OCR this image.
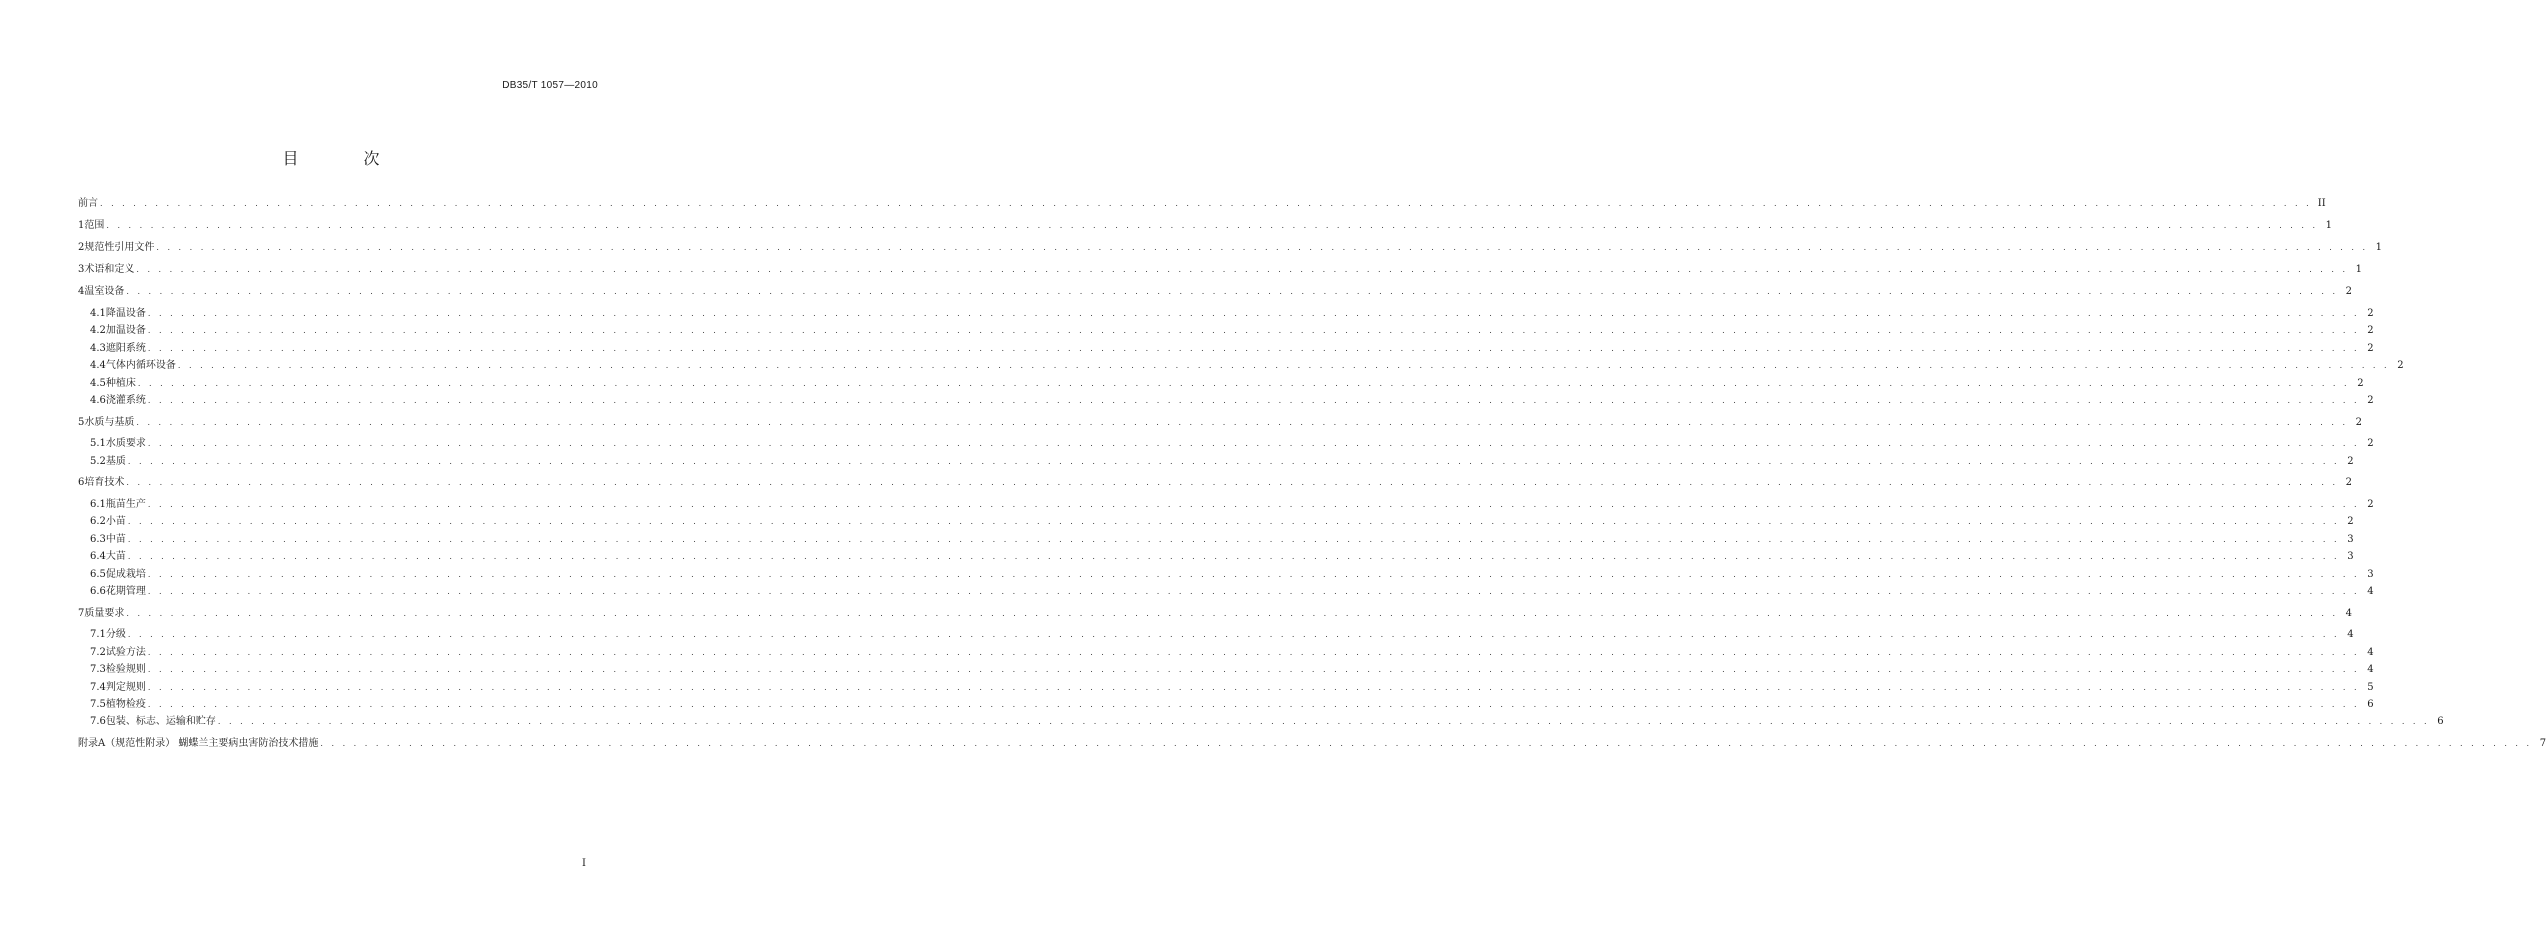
DB35/T 1057—2010
目 次
前言 . . . . . . . . . . . . . . . . . . . . . . . . . . . . . . . . . . . . . . . . . . . . . . . . . . . . . . . . . . . . . . . . . . . . . . . . . . . . . . . . . . . . . . . . . . . . . . . . . . . . . . . . . . . . . . . . . . . . . . . . . . . . . . . . . . . . . . . . . . . . . . . . . . . . . . . . . . . . . . . . . . . . . . . . . . . . . . . . . . . . . . . . . . . . . . . . . . . . . . . . II
1 范围 . . . . . . . . . . . . . . . . . . . . . . . . . . . . . . . . . . . . . . . . . . . . . . . . . . . . . . . . . . . . . . . . . . . . . . . . . . . . . . . . . . . . . . . . . . . . . . . . . . . . . . . . . . . . . . . . . . . . . . . . . . . . . . . . . . . . . . . . . . . . . . . . . . . . . . . . . . . . . . . . . . . . . . . . . . . . . . . . . . . . . . . . . . . . . . . . . . . . . . . . 1
2 规范性引用文件 . . . . . . . . . . . . . . . . . . . . . . . . . . . . . . . . . . . . . . . . . . . . . . . . . . . . . . . . . . . . . . . . . . . . . . . . . . . . . . . . . . . . . . . . . . . . . . . . . . . . . . . . . . . . . . . . . . . . . . . . . . . . . . . . . . . . . . . . . . . . . . . . . . . . . . . . . . . . . . . . . . . . . . . . . . . . . . . . . . . . . . . . . . . . . . . . . . . . . . . . 1
3 术语和定义 . . . . . . . . . . . . . . . . . . . . . . . . . . . . . . . . . . . . . . . . . . . . . . . . . . . . . . . . . . . . . . . . . . . . . . . . . . . . . . . . . . . . . . . . . . . . . . . . . . . . . . . . . . . . . . . . . . . . . . . . . . . . . . . . . . . . . . . . . . . . . . . . . . . . . . . . . . . . . . . . . . . . . . . . . . . . . . . . . . . . . . . . . . . . . . . . . . . . . . . . 1
4 温室设备 . . . . . . . . . . . . . . . . . . . . . . . . . . . . . . . . . . . . . . . . . . . . . . . . . . . . . . . . . . . . . . . . . . . . . . . . . . . . . . . . . . . . . . . . . . . . . . . . . . . . . . . . . . . . . . . . . . . . . . . . . . . . . . . . . . . . . . . . . . . . . . . . . . . . . . . . . . . . . . . . . . . . . . . . . . . . . . . . . . . . . . . . . . . . . . . . . . . . . . . . 2
4.1 降温设备 . . . . . . . . . . . . . . . . . . . . . . . . . . . . . . . . . . . . . . . . . . . . . . . . . . . . . . . . . . . . . . . . . . . . . . . . . . . . . . . . . . . . . . . . . . . . . . . . . . . . . . . . . . . . . . . . . . . . . . . . . . . . . . . . . . . . . . . . . . . . . . . . . . . . . . . . . . . . . . . . . . . . . . . . . . . . . . . . . . . . . . . . . . . . . . . . . . . . . . . . 2
4.2 加温设备 . . . . . . . . . . . . . . . . . . . . . . . . . . . . . . . . . . . . . . . . . . . . . . . . . . . . . . . . . . . . . . . . . . . . . . . . . . . . . . . . . . . . . . . . . . . . . . . . . . . . . . . . . . . . . . . . . . . . . . . . . . . . . . . . . . . . . . . . . . . . . . . . . . . . . . . . . . . . . . . . . . . . . . . . . . . . . . . . . . . . . . . . . . . . . . . . . . . . . . . . 2
4.3 遮阳系统 . . . . . . . . . . . . . . . . . . . . . . . . . . . . . . . . . . . . . . . . . . . . . . . . . . . . . . . . . . . . . . . . . . . . . . . . . . . . . . . . . . . . . . . . . . . . . . . . . . . . . . . . . . . . . . . . . . . . . . . . . . . . . . . . . . . . . . . . . . . . . . . . . . . . . . . . . . . . . . . . . . . . . . . . . . . . . . . . . . . . . . . . . . . . . . . . . . . . . . . . 2
4.4 气体内循环设备 . . . . . . . . . . . . . . . . . . . . . . . . . . . . . . . . . . . . . . . . . . . . . . . . . . . . . . . . . . . . . . . . . . . . . . . . . . . . . . . . . . . . . . . . . . . . . . . . . . . . . . . . . . . . . . . . . . . . . . . . . . . . . . . . . . . . . . . . . . . . . . . . . . . . . . . . . . . . . . . . . . . . . . . . . . . . . . . . . . . . . . . . . . . . . . . . . . . . . . . . 2
4.5 种植床 . . . . . . . . . . . . . . . . . . . . . . . . . . . . . . . . . . . . . . . . . . . . . . . . . . . . . . . . . . . . . . . . . . . . . . . . . . . . . . . . . . . . . . . . . . . . . . . . . . . . . . . . . . . . . . . . . . . . . . . . . . . . . . . . . . . . . . . . . . . . . . . . . . . . . . . . . . . . . . . . . . . . . . . . . . . . . . . . . . . . . . . . . . . . . . . . . . . . . . . . 2
4.6 浇灌系统 . . . . . . . . . . . . . . . . . . . . . . . . . . . . . . . . . . . . . . . . . . . . . . . . . . . . . . . . . . . . . . . . . . . . . . . . . . . . . . . . . . . . . . . . . . . . . . . . . . . . . . . . . . . . . . . . . . . . . . . . . . . . . . . . . . . . . . . . . . . . . . . . . . . . . . . . . . . . . . . . . . . . . . . . . . . . . . . . . . . . . . . . . . . . . . . . . . . . . . . . 2
5 水质与基质 . . . . . . . . . . . . . . . . . . . . . . . . . . . . . . . . . . . . . . . . . . . . . . . . . . . . . . . . . . . . . . . . . . . . . . . . . . . . . . . . . . . . . . . . . . . . . . . . . . . . . . . . . . . . . . . . . . . . . . . . . . . . . . . . . . . . . . . . . . . . . . . . . . . . . . . . . . . . . . . . . . . . . . . . . . . . . . . . . . . . . . . . . . . . . . . . . . . . . . . . 2
5.1 水质要求 . . . . . . . . . . . . . . . . . . . . . . . . . . . . . . . . . . . . . . . . . . . . . . . . . . . . . . . . . . . . . . . . . . . . . . . . . . . . . . . . . . . . . . . . . . . . . . . . . . . . . . . . . . . . . . . . . . . . . . . . . . . . . . . . . . . . . . . . . . . . . . . . . . . . . . . . . . . . . . . . . . . . . . . . . . . . . . . . . . . . . . . . . . . . . . . . . . . . . . . . 2
5.2 基质 . . . . . . . . . . . . . . . . . . . . . . . . . . . . . . . . . . . . . . . . . . . . . . . . . . . . . . . . . . . . . . . . . . . . . . . . . . . . . . . . . . . . . . . . . . . . . . . . . . . . . . . . . . . . . . . . . . . . . . . . . . . . . . . . . . . . . . . . . . . . . . . . . . . . . . . . . . . . . . . . . . . . . . . . . . . . . . . . . . . . . . . . . . . . . . . . . . . . . . . . 2
6 培育技术 . . . . . . . . . . . . . . . . . . . . . . . . . . . . . . . . . . . . . . . . . . . . . . . . . . . . . . . . . . . . . . . . . . . . . . . . . . . . . . . . . . . . . . . . . . . . . . . . . . . . . . . . . . . . . . . . . . . . . . . . . . . . . . . . . . . . . . . . . . . . . . . . . . . . . . . . . . . . . . . . . . . . . . . . . . . . . . . . . . . . . . . . . . . . . . . . . . . . . . . . 2
6.1 瓶苗生产 . . . . . . . . . . . . . . . . . . . . . . . . . . . . . . . . . . . . . . . . . . . . . . . . . . . . . . . . . . . . . . . . . . . . . . . . . . . . . . . . . . . . . . . . . . . . . . . . . . . . . . . . . . . . . . . . . . . . . . . . . . . . . . . . . . . . . . . . . . . . . . . . . . . . . . . . . . . . . . . . . . . . . . . . . . . . . . . . . . . . . . . . . . . . . . . . . . . . . . . . 2
6.2 小苗 . . . . . . . . . . . . . . . . . . . . . . . . . . . . . . . . . . . . . . . . . . . . . . . . . . . . . . . . . . . . . . . . . . . . . . . . . . . . . . . . . . . . . . . . . . . . . . . . . . . . . . . . . . . . . . . . . . . . . . . . . . . . . . . . . . . . . . . . . . . . . . . . . . . . . . . . . . . . . . . . . . . . . . . . . . . . . . . . . . . . . . . . . . . . . . . . . . . . . . . . 2
6.3 中苗 . . . . . . . . . . . . . . . . . . . . . . . . . . . . . . . . . . . . . . . . . . . . . . . . . . . . . . . . . . . . . . . . . . . . . . . . . . . . . . . . . . . . . . . . . . . . . . . . . . . . . . . . . . . . . . . . . . . . . . . . . . . . . . . . . . . . . . . . . . . . . . . . . . . . . . . . . . . . . . . . . . . . . . . . . . . . . . . . . . . . . . . . . . . . . . . . . . . . . . . . 3
6.4 大苗 . . . . . . . . . . . . . . . . . . . . . . . . . . . . . . . . . . . . . . . . . . . . . . . . . . . . . . . . . . . . . . . . . . . . . . . . . . . . . . . . . . . . . . . . . . . . . . . . . . . . . . . . . . . . . . . . . . . . . . . . . . . . . . . . . . . . . . . . . . . . . . . . . . . . . . . . . . . . . . . . . . . . . . . . . . . . . . . . . . . . . . . . . . . . . . . . . . . . . . . . 3
6.5 促成栽培 . . . . . . . . . . . . . . . . . . . . . . . . . . . . . . . . . . . . . . . . . . . . . . . . . . . . . . . . . . . . . . . . . . . . . . . . . . . . . . . . . . . . . . . . . . . . . . . . . . . . . . . . . . . . . . . . . . . . . . . . . . . . . . . . . . . . . . . . . . . . . . . . . . . . . . . . . . . . . . . . . . . . . . . . . . . . . . . . . . . . . . . . . . . . . . . . . . . . . . . . 3
6.6 花期管理 . . . . . . . . . . . . . . . . . . . . . . . . . . . . . . . . . . . . . . . . . . . . . . . . . . . . . . . . . . . . . . . . . . . . . . . . . . . . . . . . . . . . . . . . . . . . . . . . . . . . . . . . . . . . . . . . . . . . . . . . . . . . . . . . . . . . . . . . . . . . . . . . . . . . . . . . . . . . . . . . . . . . . . . . . . . . . . . . . . . . . . . . . . . . . . . . . . . . . . . . 4
7 质量要求 . . . . . . . . . . . . . . . . . . . . . . . . . . . . . . . . . . . . . . . . . . . . . . . . . . . . . . . . . . . . . . . . . . . . . . . . . . . . . . . . . . . . . . . . . . . . . . . . . . . . . . . . . . . . . . . . . . . . . . . . . . . . . . . . . . . . . . . . . . . . . . . . . . . . . . . . . . . . . . . . . . . . . . . . . . . . . . . . . . . . . . . . . . . . . . . . . . . . . . . . 4
7.1 分级 . . . . . . . . . . . . . . . . . . . . . . . . . . . . . . . . . . . . . . . . . . . . . . . . . . . . . . . . . . . . . . . . . . . . . . . . . . . . . . . . . . . . . . . . . . . . . . . . . . . . . . . . . . . . . . . . . . . . . . . . . . . . . . . . . . . . . . . . . . . . . . . . . . . . . . . . . . . . . . . . . . . . . . . . . . . . . . . . . . . . . . . . . . . . . . . . . . . . . . . . 4
7.2 试验方法 . . . . . . . . . . . . . . . . . . . . . . . . . . . . . . . . . . . . . . . . . . . . . . . . . . . . . . . . . . . . . . . . . . . . . . . . . . . . . . . . . . . . . . . . . . . . . . . . . . . . . . . . . . . . . . . . . . . . . . . . . . . . . . . . . . . . . . . . . . . . . . . . . . . . . . . . . . . . . . . . . . . . . . . . . . . . . . . . . . . . . . . . . . . . . . . . . . . . . . . . 4
7.3 检验规则 . . . . . . . . . . . . . . . . . . . . . . . . . . . . . . . . . . . . . . . . . . . . . . . . . . . . . . . . . . . . . . . . . . . . . . . . . . . . . . . . . . . . . . . . . . . . . . . . . . . . . . . . . . . . . . . . . . . . . . . . . . . . . . . . . . . . . . . . . . . . . . . . . . . . . . . . . . . . . . . . . . . . . . . . . . . . . . . . . . . . . . . . . . . . . . . . . . . . . . . . 4
7.4 判定规则 . . . . . . . . . . . . . . . . . . . . . . . . . . . . . . . . . . . . . . . . . . . . . . . . . . . . . . . . . . . . . . . . . . . . . . . . . . . . . . . . . . . . . . . . . . . . . . . . . . . . . . . . . . . . . . . . . . . . . . . . . . . . . . . . . . . . . . . . . . . . . . . . . . . . . . . . . . . . . . . . . . . . . . . . . . . . . . . . . . . . . . . . . . . . . . . . . . . . . . . . 5
7.5 植物检疫 . . . . . . . . . . . . . . . . . . . . . . . . . . . . . . . . . . . . . . . . . . . . . . . . . . . . . . . . . . . . . . . . . . . . . . . . . . . . . . . . . . . . . . . . . . . . . . . . . . . . . . . . . . . . . . . . . . . . . . . . . . . . . . . . . . . . . . . . . . . . . . . . . . . . . . . . . . . . . . . . . . . . . . . . . . . . . . . . . . . . . . . . . . . . . . . . . . . . . . . . 6
7.6 包装、标志、运输和贮存 . . . . . . . . . . . . . . . . . . . . . . . . . . . . . . . . . . . . . . . . . . . . . . . . . . . . . . . . . . . . . . . . . . . . . . . . . . . . . . . . . . . . . . . . . . . . . . . . . . . . . . . . . . . . . . . . . . . . . . . . . . . . . . . . . . . . . . . . . . . . . . . . . . . . . . . . . . . . . . . . . . . . . . . . . . . . . . . . . . . . . . . . . . . . . . . . . . . . . . . . 6
附录A（规范性附录） 蝴蝶兰主要病虫害防治技术措施 . . . . . . . . . . . . . . . . . . . . . . . . . . . . . . . . . . . . . . . . . . . . . . . . . . . . . . . . . . . . . . . . . . . . . . . . . . . . . . . . . . . . . . . . . . . . . . . . . . . . . . . . . . . . . . . . . . . . . . . . . . . . . . . . . . . . . . . . . . . . . . . . . . . . . . . . . . . . . . . . . . . . . . . . . . . . . . . . . . . . . . . . . . . . . . . . . . . . . . . . 7
I
